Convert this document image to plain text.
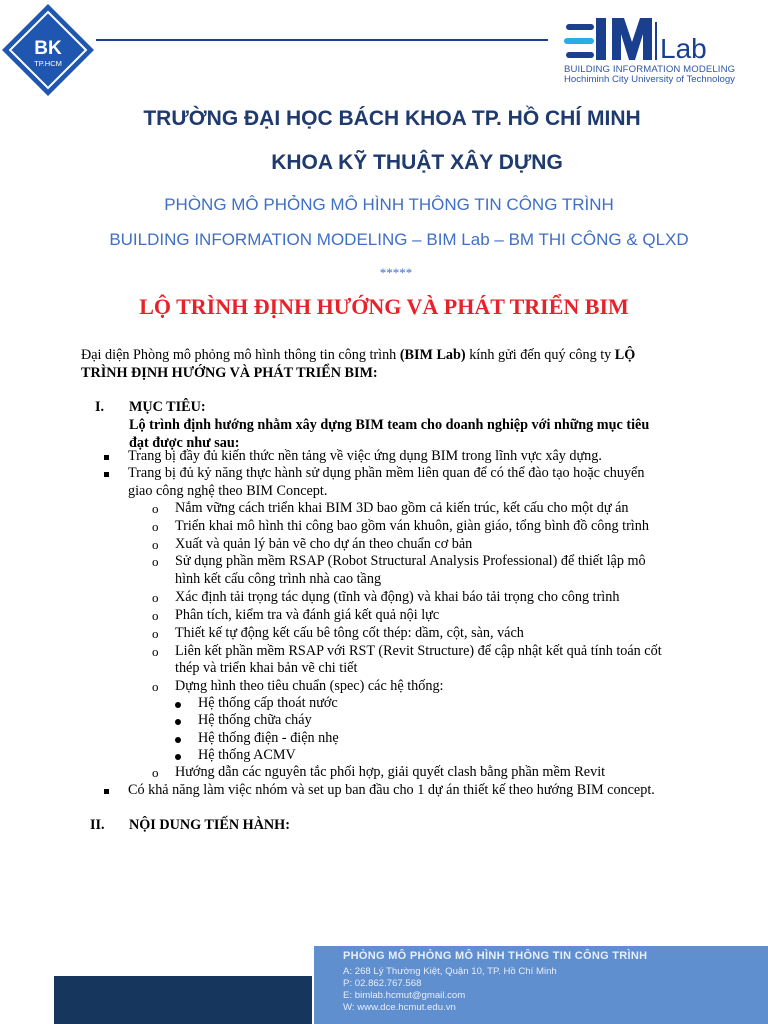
BK
TP.HCM	Lab
BUILDING INFORMATION MODELING
Hochiminh City University of Technology
TRƯỜNG ĐẠI HỌC BÁCH KHOA TP. HỒ CHÍ MINH
KHOA KỸ THUẬT XÂY DỰNG
PHÒNG MÔ PHỎNG MÔ HÌNH THÔNG TIN CÔNG TRÌNH
BUILDING INFORMATION MODELING – BIM Lab – BM THI CÔNG & QLXD
*****
LỘ TRÌNH ĐỊNH HƯỚNG VÀ PHÁT TRIỂN BIM
Đại diện Phòng mô phỏng mô hình thông tin công trình (BIM Lab) kính gửi đến quý công ty LỘ
TRÌNH ĐỊNH HƯỚNG VÀ PHÁT TRIỂN BIM:
I. MỤC TIÊU:
Lộ trình định hướng nhằm xây dựng BIM team cho doanh nghiệp với những mục tiêu
đạt được như sau:
Trang bị đầy đủ kiến thức nền tảng về việc ứng dụng BIM trong lĩnh vực xây dựng.
Trang bị đủ kỷ năng thực hành sử dụng phần mềm liên quan để có thể đào tạo hoặc chuyển
giao công nghệ theo BIM Concept.
o Nắm vững cách triển khai BIM 3D bao gồm cả kiến trúc, kết cấu cho một dự án
o Triển khai mô hình thi công bao gồm ván khuôn, giàn giáo, tổng bình đồ công trình
o Xuất và quản lý bản vẽ cho dự án theo chuẩn cơ bản
o Sử dụng phần mềm RSAP (Robot Structural Analysis Professional) để thiết lập mô
hình kết cấu công trình nhà cao tầng
o Xác định tải trọng tác dụng (tĩnh và động) và khai báo tải trọng cho công trình
o Phân tích, kiểm tra và đánh giá kết quả nội lực
o Thiết kế tự động kết cấu bê tông cốt thép: dầm, cột, sàn, vách
o Liên kết phần mềm RSAP với RST (Revit Structure) để cập nhật kết quả tính toán cốt
thép và triển khai bản vẽ chi tiết
o Dựng hình theo tiêu chuẩn (spec) các hệ thống:
Hệ thống cấp thoát nước
Hệ thống chữa cháy
Hệ thống điện - điện nhẹ
Hệ thống ACMV
o Hướng dẫn các nguyên tắc phối hợp, giải quyết clash bằng phần mềm Revit
Có khả năng làm việc nhóm và set up ban đầu cho 1 dự án thiết kế theo hướng BIM concept.
II. NỘI DUNG TIẾN HÀNH:
PHÒNG MÔ PHỎNG MÔ HÌNH THÔNG TIN CÔNG TRÌNH
A: 268 Lý Thường Kiệt, Quận 10, TP. Hồ Chí Minh
P: 02.862.767.568
E: bimlab.hcmut@gmail.com
W: www.dce.hcmut.edu.vn
